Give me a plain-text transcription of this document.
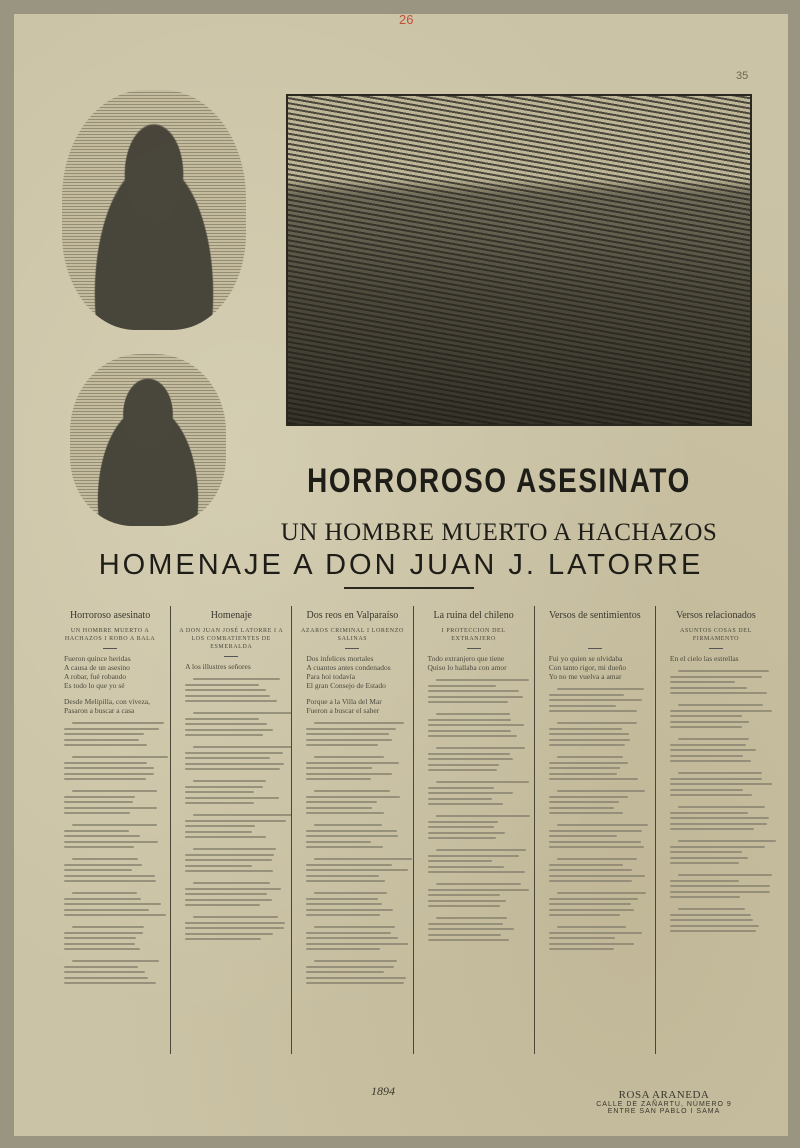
26
35
HORROROSO ASESINATO
UN HOMBRE MUERTO A HACHAZOS
HOMENAJE A DON JUAN J. LATORRE
Horroroso asesinato
UN HOMBRE MUERTO A HACHAZOS I ROBO A BALA
Fueron quince heridas
A causa de un asesino
A robar, fué robando
Es todo lo que yo sé
Desde Melipilla, con viveza,
Pasaron a buscar a casa
Homenaje
A DON JUAN JOSÉ LATORRE I A LOS COMBATIENTES DE ESMERALDA
A los illustres señores
Dos reos en Valparaíso
AZAROS CRIMINAL I LORENZO SALINAS
Dos infelices mortales
A cuantos antes condenados
Para hoi todavía
El gran Consejo de Estado
Porque a la Villa del Mar
Fueron a buscar el saber
La ruina del chileno
I PROTECCION DEL EXTRANJERO
Todo extranjero que tiene
Quiso lo hallaba con amor
Versos de sentimientos
Fui yo quien se olvidaba
Con tanto rigor, mi dueño
Yo no me vuelva a amar
Versos relacionados
ASUNTOS COSAS DEL FIRMAMENTO
En el cielo las estrellas
1894	ROSA ARANEDA
CALLE DE ZAÑARTU, NÚMERO 9
ENTRE SAN PABLO I SAMA
